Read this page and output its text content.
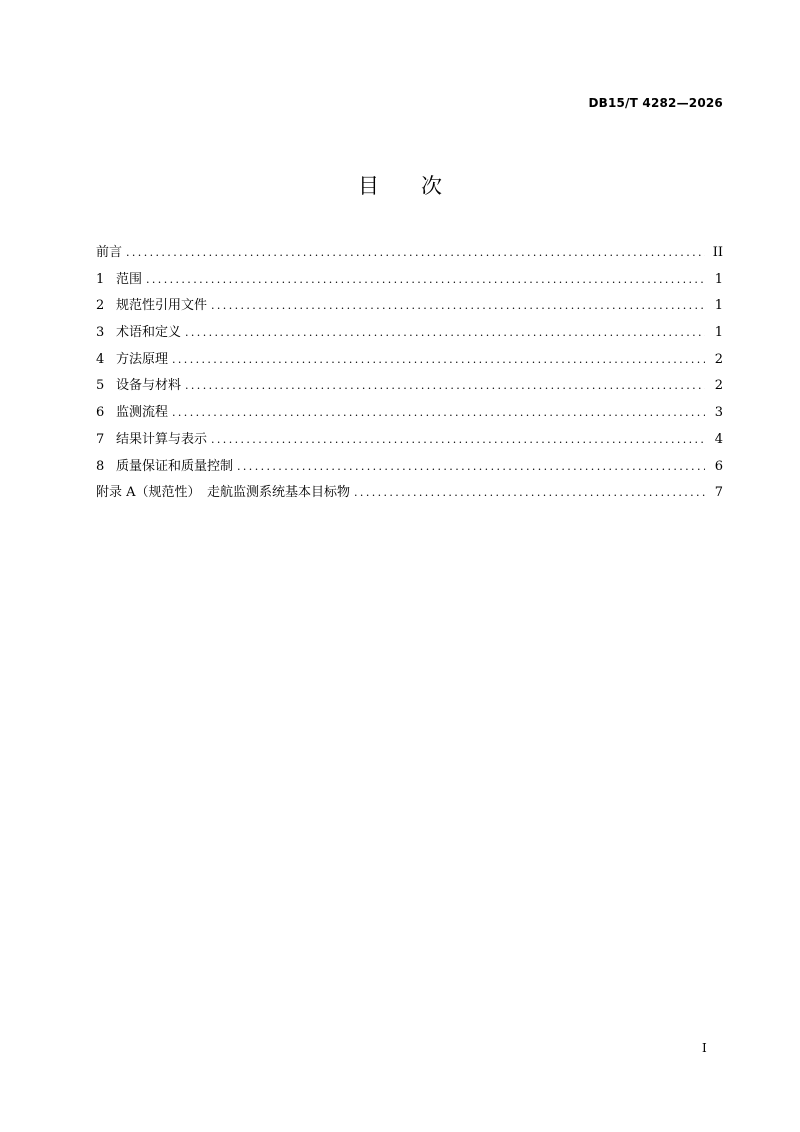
DB15/T 4282—2026
目次
前言 .....	II
1 范围 .....	1
2 规范性引用文件 .....	1
3 术语和定义 .....	1
4 方法原理 .....	2
5 设备与材料 .....	2
6 监测流程 .....	3
7 结果计算与表示 .....	4
8 质量保证和质量控制 .....	6
附录 A（规范性）　走航监测系统基本目标物 .....	7
I
